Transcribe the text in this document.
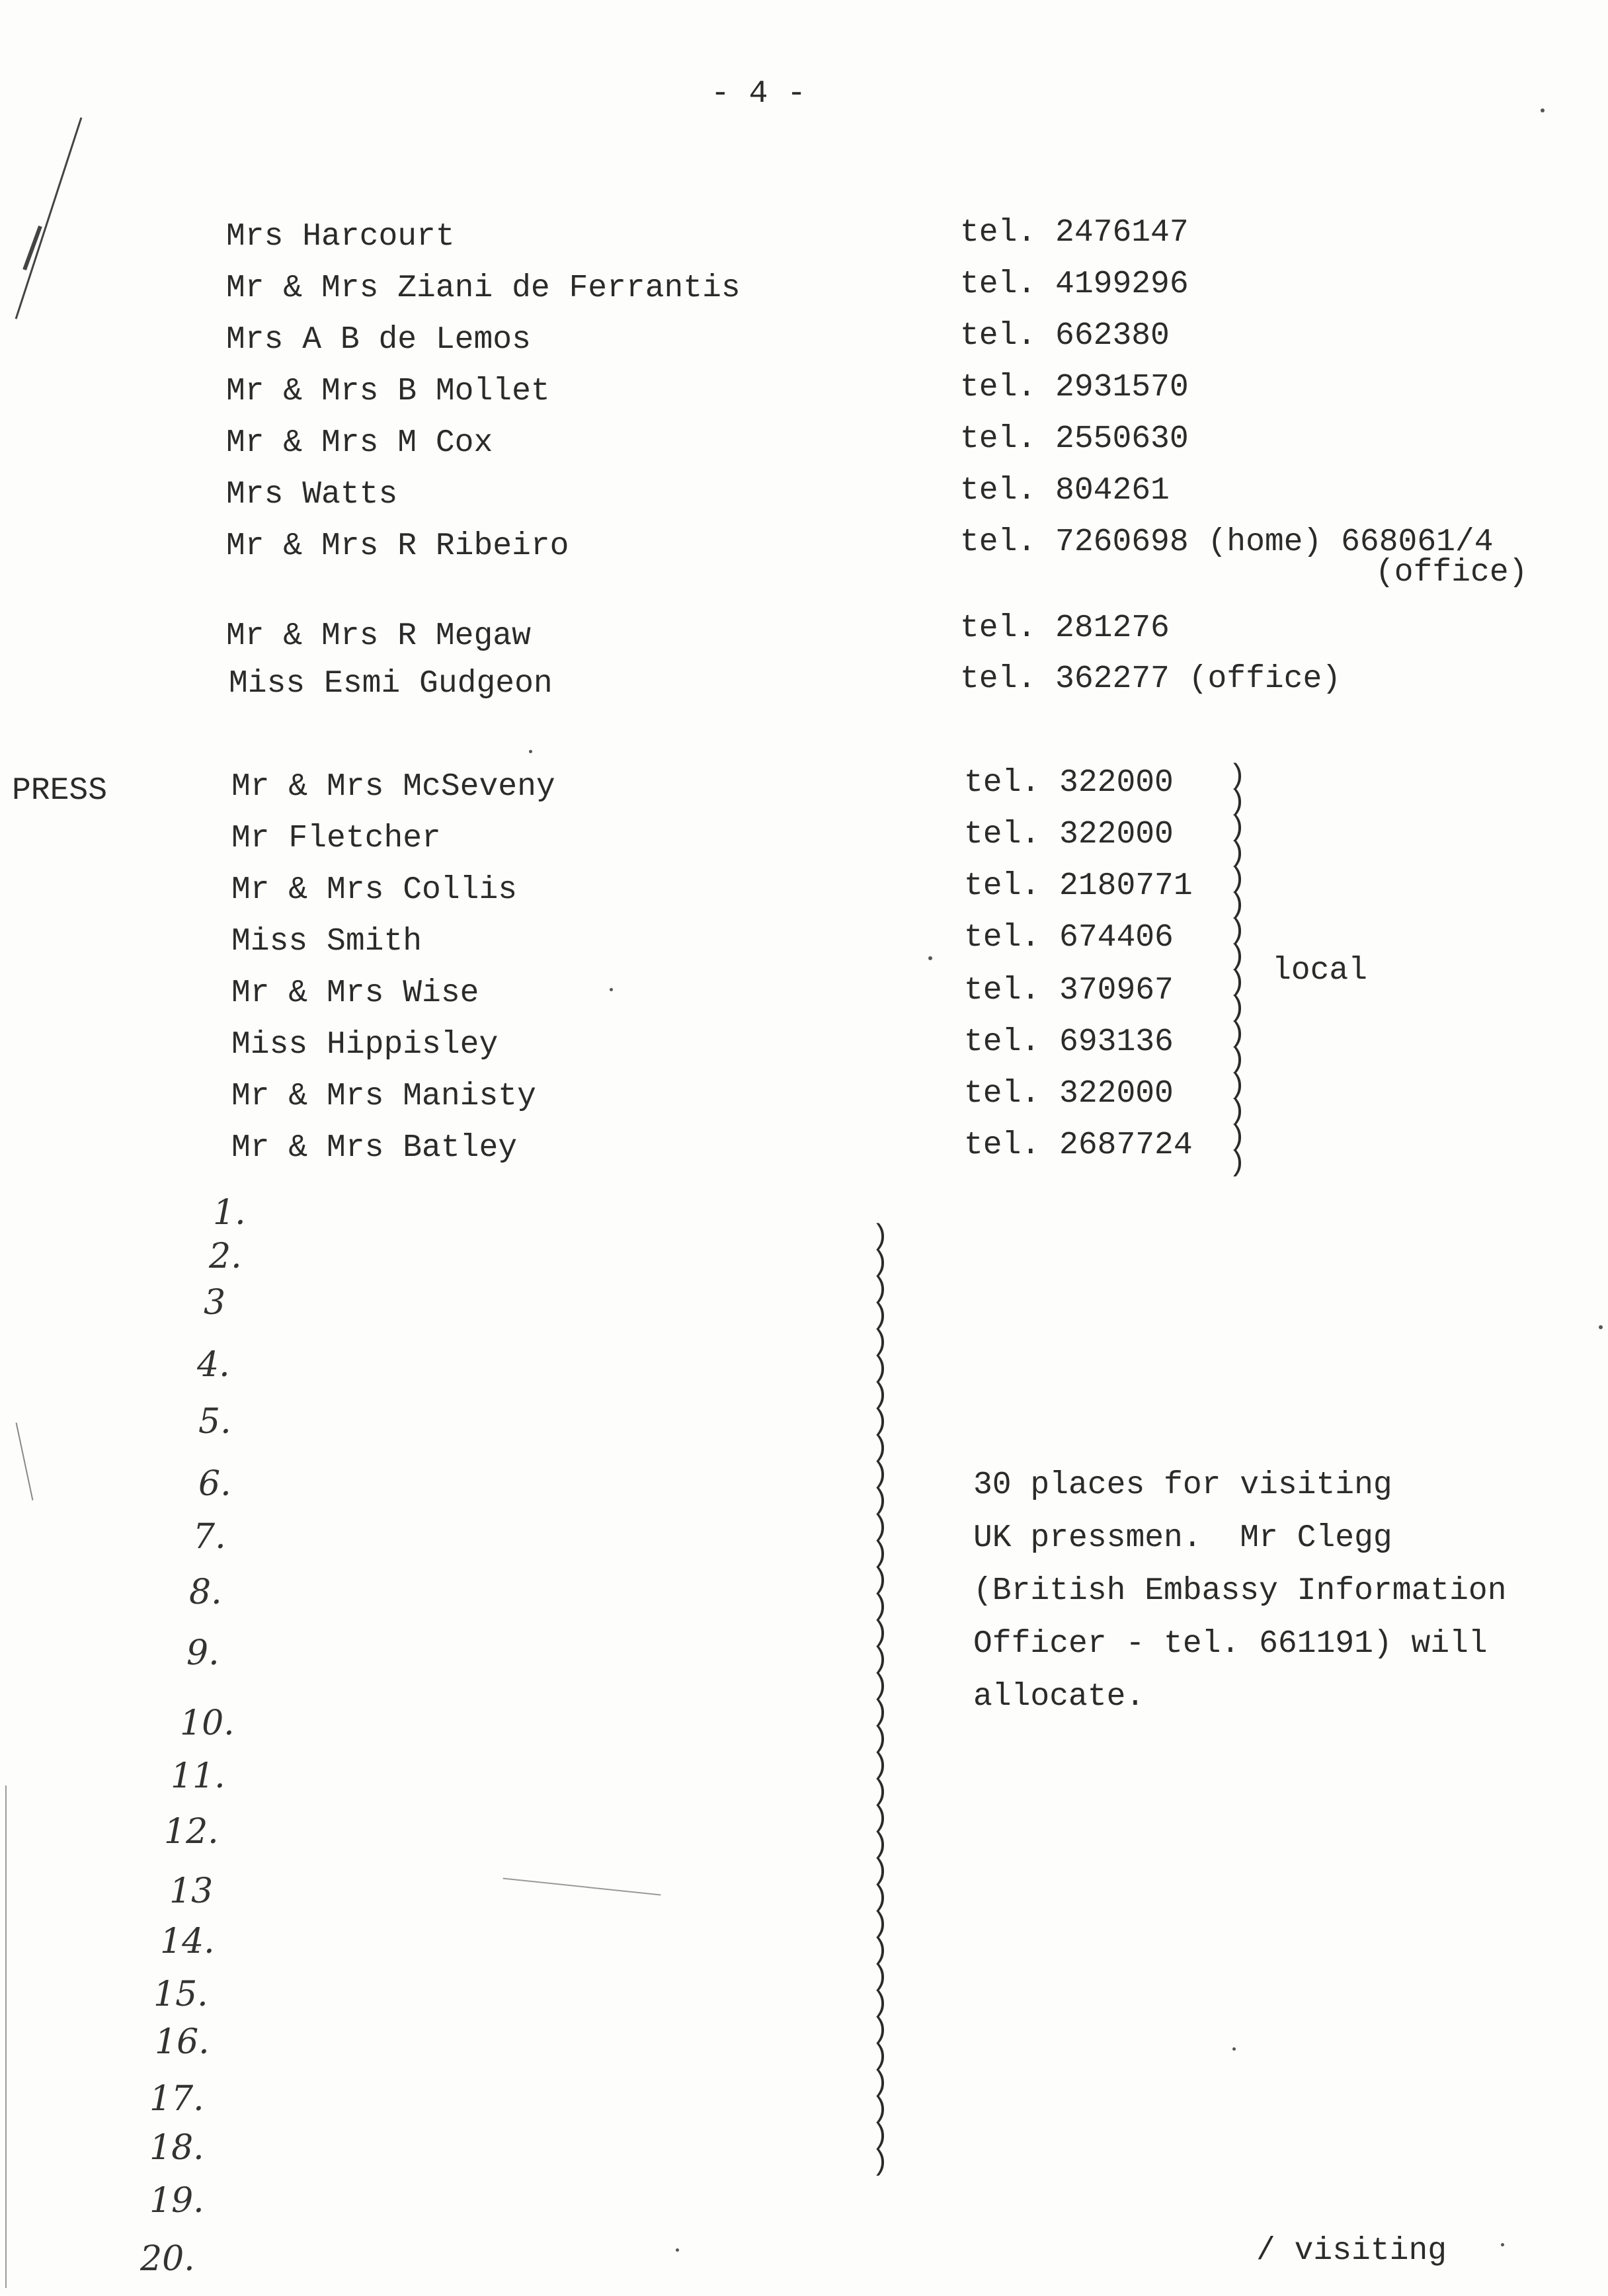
- 4 -
Mrs Harcourt	tel. 2476147
Mr & Mrs Ziani de Ferrantis	tel. 4199296
Mrs A B de Lemos	tel. 662380
Mr & Mrs B Mollet	tel. 2931570
Mr & Mrs M Cox	tel. 2550630
Mrs Watts	tel. 804261
Mr & Mrs R Ribeiro	tel. 7260698 (home) 668061/4
(office)
Mr & Mrs R Megaw	tel. 281276
Miss Esmi Gudgeon	tel. 362277 (office)
PRESS	Mr & Mrs McSeveny	tel. 322000
Mr Fletcher	tel. 322000
Mr & Mrs Collis	tel. 2180771
Miss Smith	tel. 674406
Mr & Mrs Wise	tel. 370967
Miss Hippisley	tel. 693136
Mr & Mrs Manisty	tel. 322000
Mr & Mrs Batley	tel. 2687724
)
)
)
)
)
)
)
)
)
)
)
)
)
)
)
)
local
1.
2.
3
4.
5.
6.
7.
8.
9.
10.
11.
12.
13
14.
15.
16.
17.
18.
19.
20.
)
)
)
)
)
)
)
)
)
)
)
)
)
)
)
)
)
)
)
)
)
)
)
)
)
)
)
)
)
)
)
)
)
)
)
)
30 places for visiting
UK pressmen.  Mr Clegg
(British Embassy Information
Officer - tel. 661191) will
allocate.
/ visiting
